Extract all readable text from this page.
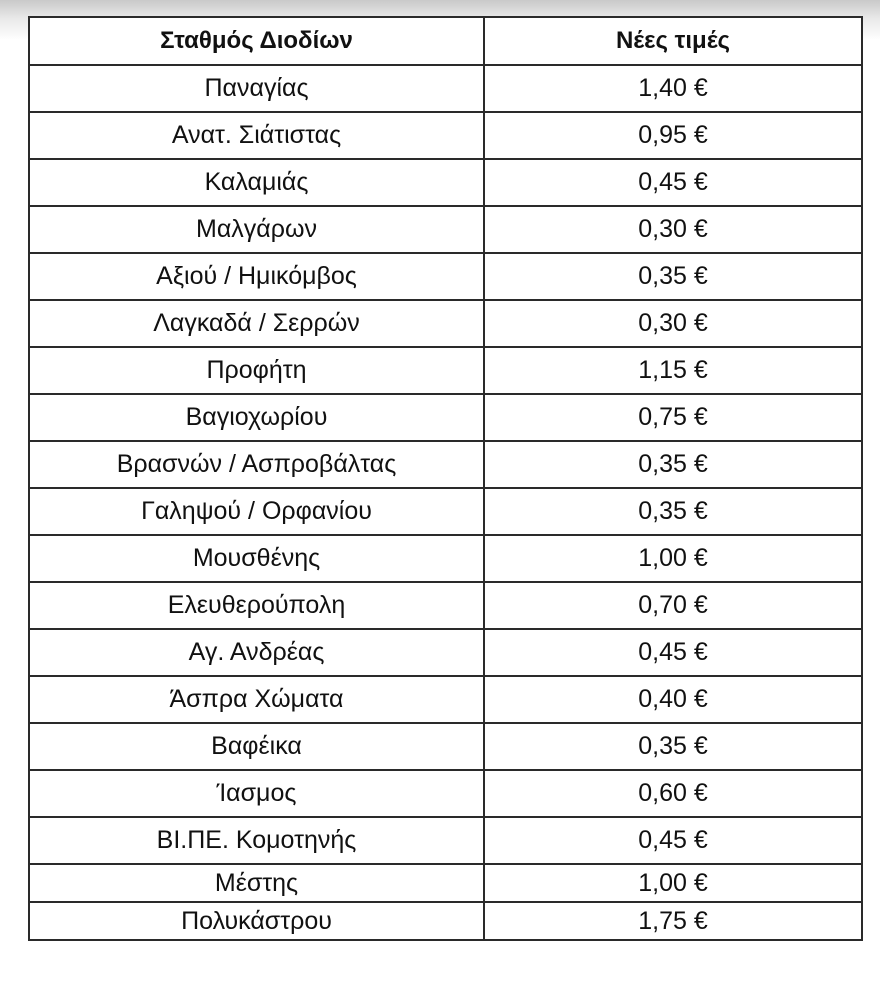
Σταθμός Διοδίων	Νέες τιμές
Παναγίας	1,40 €
Ανατ. Σιάτιστας	0,95 €
Καλαμιάς	0,45 €
Μαλγάρων	0,30 €
Αξιού / Ημικόμβος	0,35 €
Λαγκαδά / Σερρών	0,30 €
Προφήτη	1,15 €
Βαγιοχωρίου	0,75 €
Βρασνών / Ασπροβάλτας	0,35 €
Γαληψού / Ορφανίου	0,35 €
Μουσθένης	1,00 €
Ελευθερούπολη	0,70 €
Αγ. Ανδρέας	0,45 €
Άσπρα Χώματα	0,40 €
Βαφέικα	0,35 €
Ίασμος	0,60 €
ΒΙ.ΠΕ. Κομοτηνής	0,45 €
Μέστης	1,00 €
Πολυκάστρου	1,75 €
